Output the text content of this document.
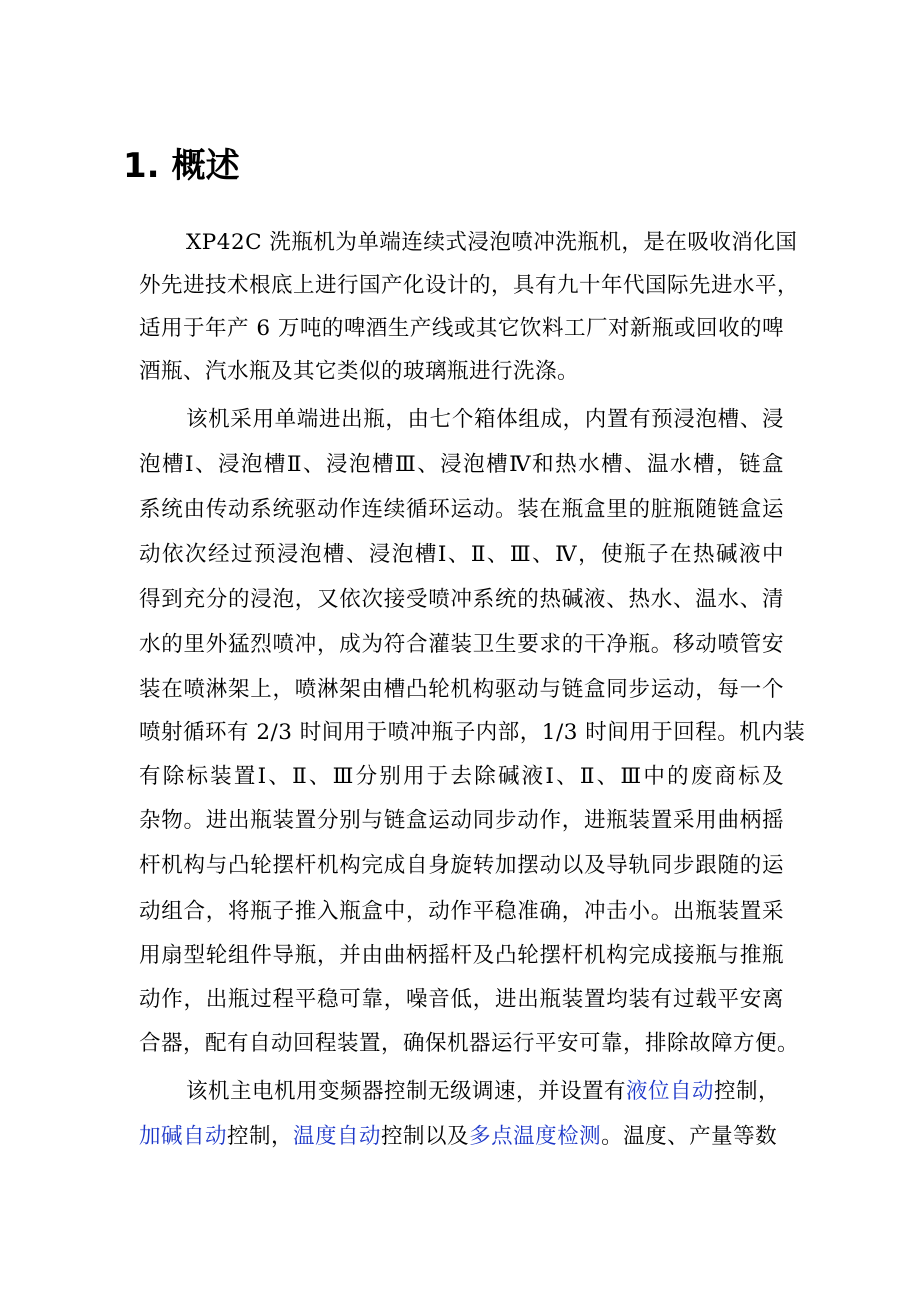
1. 概述
XP42C 洗瓶机为单端连续式浸泡喷冲洗瓶机，是在吸收消化国
外先进技术根底上进行国产化设计的，具有九十年代国际先进水平，
适用于年产 6 万吨的啤酒生产线或其它饮料工厂对新瓶或回收的啤
酒瓶、汽水瓶及其它类似的玻璃瓶进行洗涤。
该机采用单端进出瓶，由七个箱体组成，内置有预浸泡槽、浸
泡槽Ⅰ、浸泡槽Ⅱ、浸泡槽Ⅲ、浸泡槽Ⅳ和热水槽、温水槽，链盒
系统由传动系统驱动作连续循环运动。装在瓶盒里的脏瓶随链盒运
动依次经过预浸泡槽、浸泡槽Ⅰ、Ⅱ、Ⅲ、Ⅳ，使瓶子在热碱液中
得到充分的浸泡，又依次接受喷冲系统的热碱液、热水、温水、清
水的里外猛烈喷冲，成为符合灌装卫生要求的干净瓶。移动喷管安
装在喷淋架上，喷淋架由槽凸轮机构驱动与链盒同步运动，每一个
喷射循环有 2/3 时间用于喷冲瓶子内部，1/3 时间用于回程。机内装
有除标装置Ⅰ、Ⅱ、Ⅲ分别用于去除碱液Ⅰ、Ⅱ、Ⅲ中的废商标及
杂物。进出瓶装置分别与链盒运动同步动作，进瓶装置采用曲柄摇
杆机构与凸轮摆杆机构完成自身旋转加摆动以及导轨同步跟随的运
动组合，将瓶子推入瓶盒中，动作平稳准确，冲击小。出瓶装置采
用扇型轮组件导瓶，并由曲柄摇杆及凸轮摆杆机构完成接瓶与推瓶
动作，出瓶过程平稳可靠，噪音低，进出瓶装置均装有过载平安离
合器，配有自动回程装置，确保机器运行平安可靠，排除故障方便。
该机主电机用变频器控制无级调速，并设置有液位自动控制，
加碱自动控制，温度自动控制以及多点温度检测。温度、产量等数
